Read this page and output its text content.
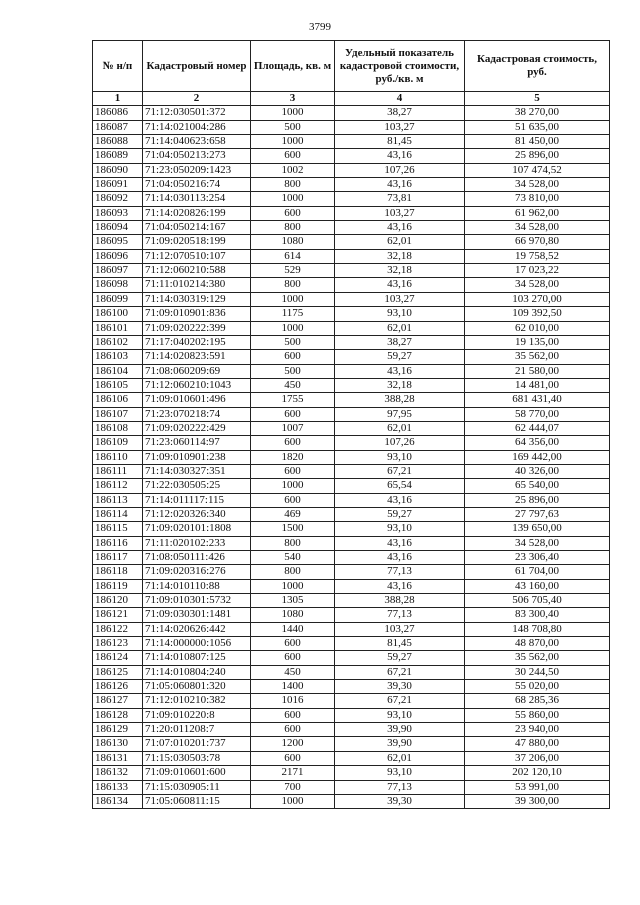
3799
№ н/п	Кадастровый номер	Площадь, кв. м	Удельный показатель кадастровой стоимости, руб./кв. м	Кадастровая стоимость, руб.
1	2	3	4	5
186086	71:12:030501:372	1000	38,27	38 270,00
186087	71:14:021004:286	500	103,27	51 635,00
186088	71:14:040623:658	1000	81,45	81 450,00
186089	71:04:050213:273	600	43,16	25 896,00
186090	71:23:050209:1423	1002	107,26	107 474,52
186091	71:04:050216:74	800	43,16	34 528,00
186092	71:14:030113:254	1000	73,81	73 810,00
186093	71:14:020826:199	600	103,27	61 962,00
186094	71:04:050214:167	800	43,16	34 528,00
186095	71:09:020518:199	1080	62,01	66 970,80
186096	71:12:070510:107	614	32,18	19 758,52
186097	71:12:060210:588	529	32,18	17 023,22
186098	71:11:010214:380	800	43,16	34 528,00
186099	71:14:030319:129	1000	103,27	103 270,00
186100	71:09:010901:836	1175	93,10	109 392,50
186101	71:09:020222:399	1000	62,01	62 010,00
186102	71:17:040202:195	500	38,27	19 135,00
186103	71:14:020823:591	600	59,27	35 562,00
186104	71:08:060209:69	500	43,16	21 580,00
186105	71:12:060210:1043	450	32,18	14 481,00
186106	71:09:010601:496	1755	388,28	681 431,40
186107	71:23:070218:74	600	97,95	58 770,00
186108	71:09:020222:429	1007	62,01	62 444,07
186109	71:23:060114:97	600	107,26	64 356,00
186110	71:09:010901:238	1820	93,10	169 442,00
186111	71:14:030327:351	600	67,21	40 326,00
186112	71:22:030505:25	1000	65,54	65 540,00
186113	71:14:011117:115	600	43,16	25 896,00
186114	71:12:020326:340	469	59,27	27 797,63
186115	71:09:020101:1808	1500	93,10	139 650,00
186116	71:11:020102:233	800	43,16	34 528,00
186117	71:08:050111:426	540	43,16	23 306,40
186118	71:09:020316:276	800	77,13	61 704,00
186119	71:14:010110:88	1000	43,16	43 160,00
186120	71:09:010301:5732	1305	388,28	506 705,40
186121	71:09:030301:1481	1080	77,13	83 300,40
186122	71:14:020626:442	1440	103,27	148 708,80
186123	71:14:000000:1056	600	81,45	48 870,00
186124	71:14:010807:125	600	59,27	35 562,00
186125	71:14:010804:240	450	67,21	30 244,50
186126	71:05:060801:320	1400	39,30	55 020,00
186127	71:12:010210:382	1016	67,21	68 285,36
186128	71:09:010220:8	600	93,10	55 860,00
186129	71:20:011208:7	600	39,90	23 940,00
186130	71:07:010201:737	1200	39,90	47 880,00
186131	71:15:030503:78	600	62,01	37 206,00
186132	71:09:010601:600	2171	93,10	202 120,10
186133	71:15:030905:11	700	77,13	53 991,00
186134	71:05:060811:15	1000	39,30	39 300,00
